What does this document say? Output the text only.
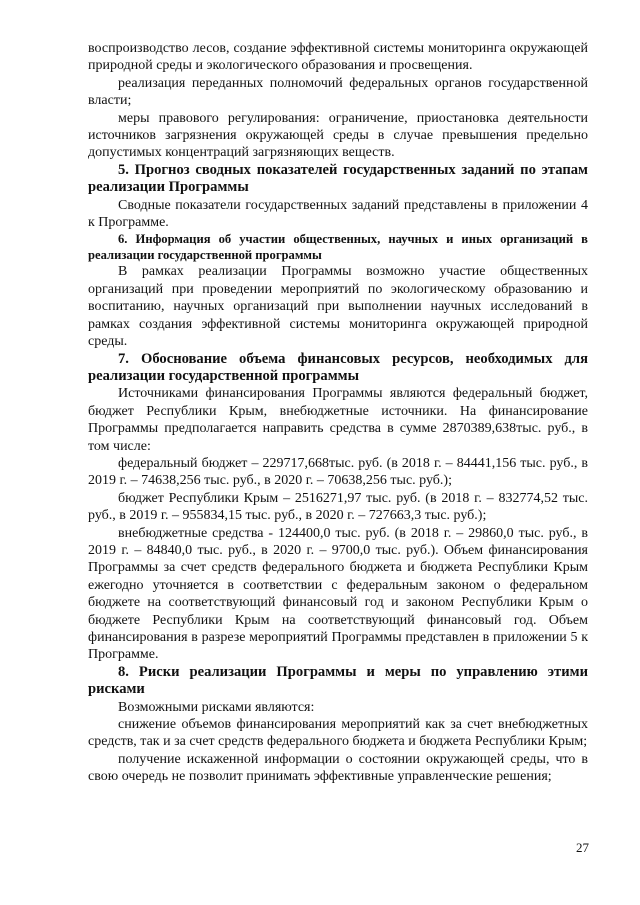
воспроизводство лесов, создание эффективной системы мониторинга окружающей природной среды и экологического образования и просвещения.

реализация переданных полномочий федеральных органов государственной власти;

меры правового регулирования: ограничение, приостановка деятельности источников загрязнения окружающей среды в случае превышения предельно допустимых концентраций загрязняющих веществ.

5. Прогноз сводных показателей государственных заданий по этапам реализации Программы

Сводные показатели государственных заданий представлены в приложении 4 к Программе.

6. Информация об участии общественных, научных и иных организаций в реализации государственной программы

В рамках реализации Программы возможно участие общественных организаций при проведении мероприятий по экологическому образованию и воспитанию, научных организаций при выполнении научных исследований в рамках создания эффективной системы мониторинга окружающей природной среды.

7. Обоснование объема финансовых ресурсов, необходимых для реализации государственной программы

Источниками финансирования Программы являются федеральный бюджет, бюджет Республики Крым, внебюджетные источники. На финансирование Программы предполагается направить средства в сумме 2870389,638тыс. руб., в том числе:

федеральный бюджет – 229717,668тыс. руб. (в 2018 г. – 84441,156 тыс. руб., в 2019 г. – 74638,256 тыс. руб., в 2020 г. – 70638,256 тыс. руб.);

бюджет Республики Крым – 2516271,97 тыс. руб. (в 2018 г. – 832774,52 тыс. руб., в 2019 г. – 955834,15 тыс. руб., в 2020 г. – 727663,3 тыс. руб.);

внебюджетные средства - 124400,0 тыс. руб. (в 2018 г. – 29860,0 тыс. руб., в 2019 г. – 84840,0 тыс. руб., в 2020 г. – 9700,0 тыс. руб.). Объем финансирования Программы за счет средств федерального бюджета и бюджета Республики Крым ежегодно уточняется в соответствии с федеральным законом о федеральном бюджете на соответствующий финансовый год и законом Республики Крым о бюджете Республики Крым на соответствующий финансовый год. Объем финансирования в разрезе мероприятий Программы представлен в приложении 5 к Программе.

8. Риски реализации Программы и меры по управлению этими рисками

Возможными рисками являются:

снижение объемов финансирования мероприятий как за счет внебюджетных средств, так и за счет средств федерального бюджета и бюджета Республики Крым;

получение искаженной информации о состоянии окружающей среды, что в свою очередь не позволит принимать эффективные управленческие решения;

27
